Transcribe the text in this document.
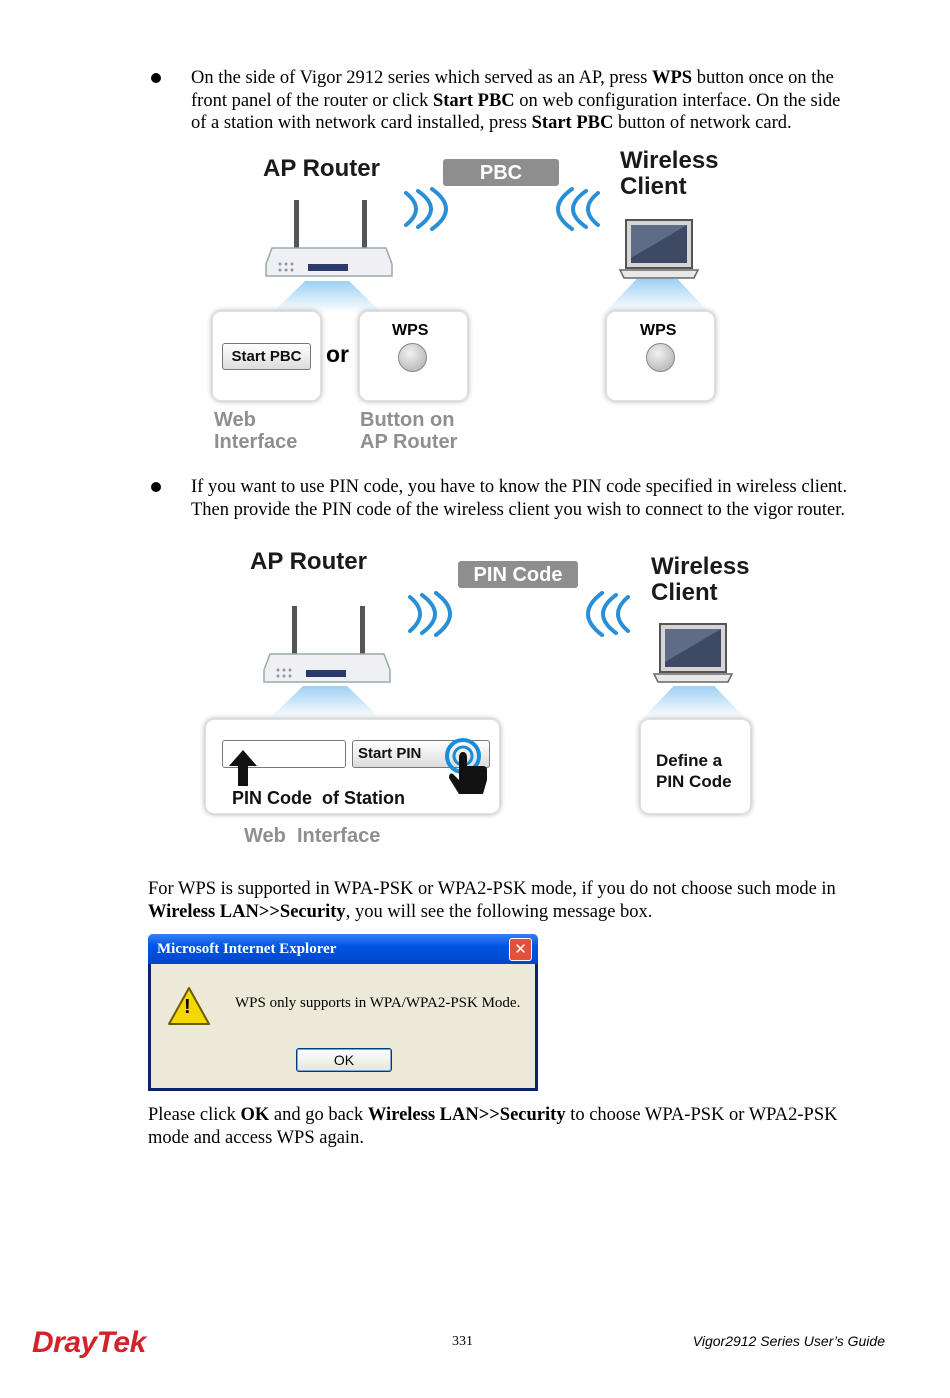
On the side of Vigor 2912 series which served as an AP, press WPS button once on the
front panel of the router or click Start PBC on web configuration interface. On the side
of a station with network card installed, press Start PBC button of network card.
AP Router	PBC	Wireless
Client
Start PBC	or
WPS	WPS
Web
Interface
Button on
AP Router
If you want to use PIN code, you have to know the PIN code specified in wireless client.
Then provide the PIN code of the wireless client you wish to connect to the vigor router.
AP Router	PIN Code	Wireless
Client
Start PIN
PIN Code  of Station
Define a
PIN Code
Web  Interface
For WPS is supported in WPA-PSK or WPA2-PSK mode, if you do not choose such mode in
Wireless LAN>>Security, you will see the following message box.
Microsoft Internet Explorer	✕
!	WPS only supports in WPA/WPA2-PSK Mode.
OK
Please click OK and go back Wireless LAN>>Security to choose WPA-PSK or WPA2-PSK
mode and access WPS again.
DrayTek	331	Vigor2912 Series User’s Guide
